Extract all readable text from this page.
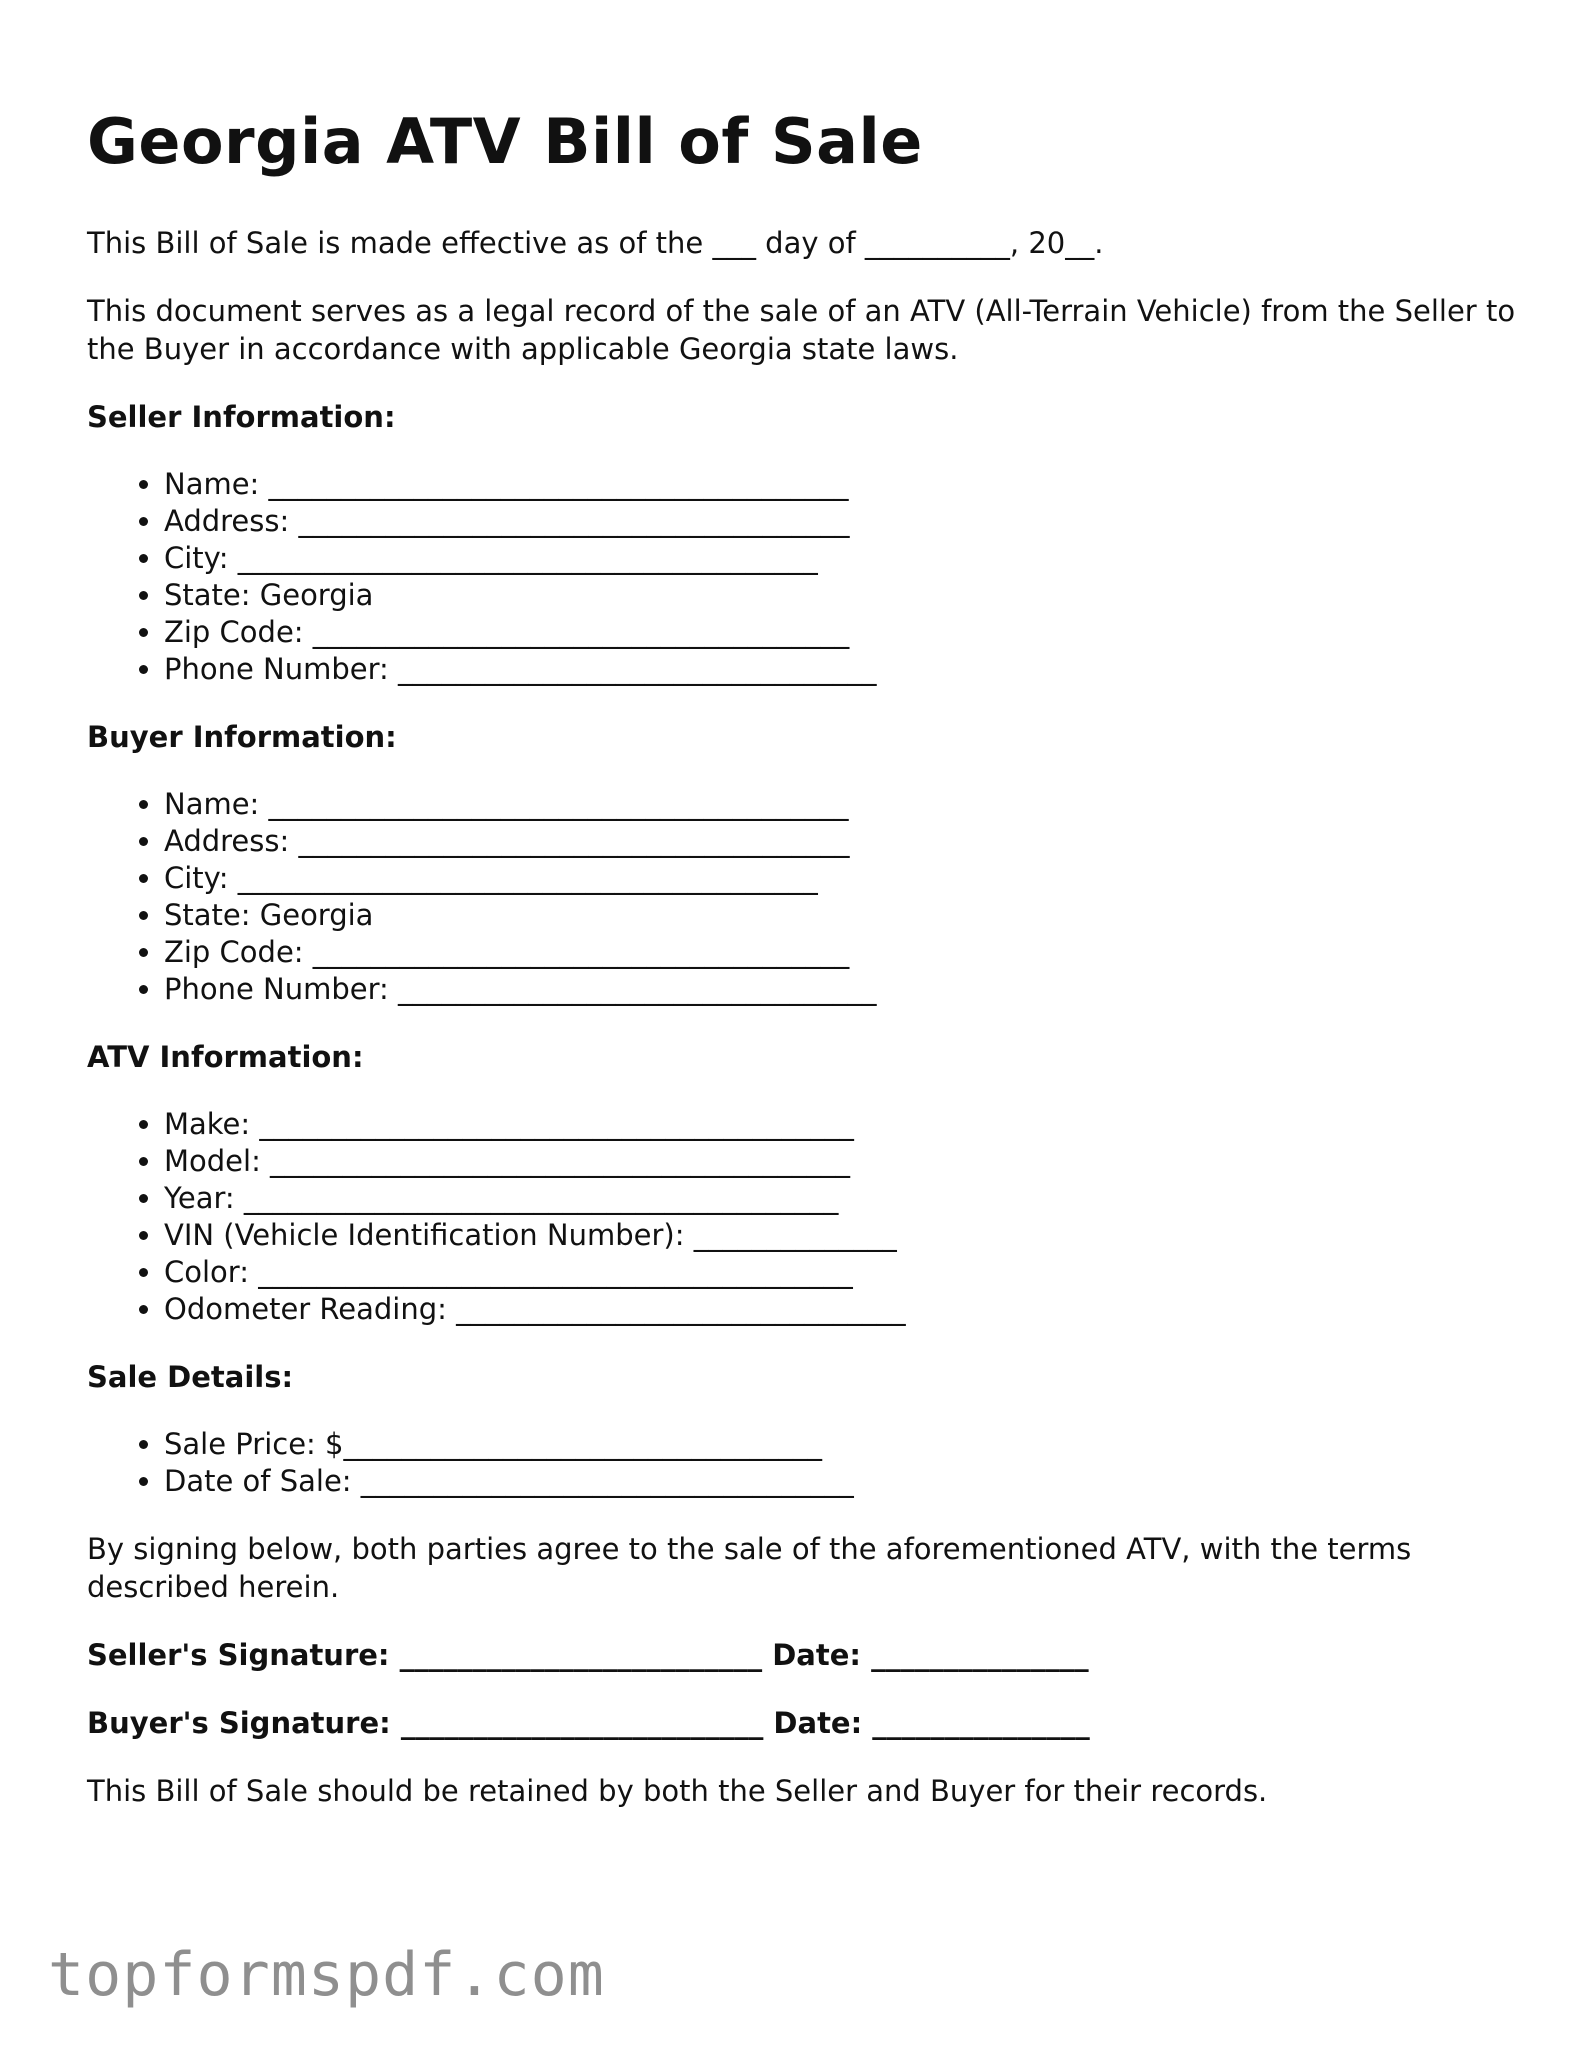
Georgia ATV Bill of Sale

This Bill of Sale is made effective as of the ___ day of __________, 20__.

This document serves as a legal record of the sale of an ATV (All-Terrain Vehicle) from the Seller to the Buyer in accordance with applicable Georgia state laws.

Seller Information:
• Name: ________________________________________
• Address: ______________________________________
• City: ________________________________________
• State: Georgia
• Zip Code: _____________________________________
• Phone Number: _________________________________
Buyer Information:
• Name: ________________________________________
• Address: ______________________________________
• City: ________________________________________
• State: Georgia
• Zip Code: _____________________________________
• Phone Number: _________________________________
ATV Information:
• Make: _________________________________________
• Model: ________________________________________
• Year: _________________________________________
• VIN (Vehicle Identification Number): ______________
• Color: _________________________________________
• Odometer Reading: _______________________________
Sale Details:
• Sale Price: $_________________________________
• Date of Sale: __________________________________

By signing below, both parties agree to the sale of the aforementioned ATV, with the terms described herein.

Seller's Signature: _________________________ Date: _______________
Buyer's Signature: _________________________ Date: _______________

This Bill of Sale should be retained by both the Seller and Buyer for their records.

topformspdf.com
